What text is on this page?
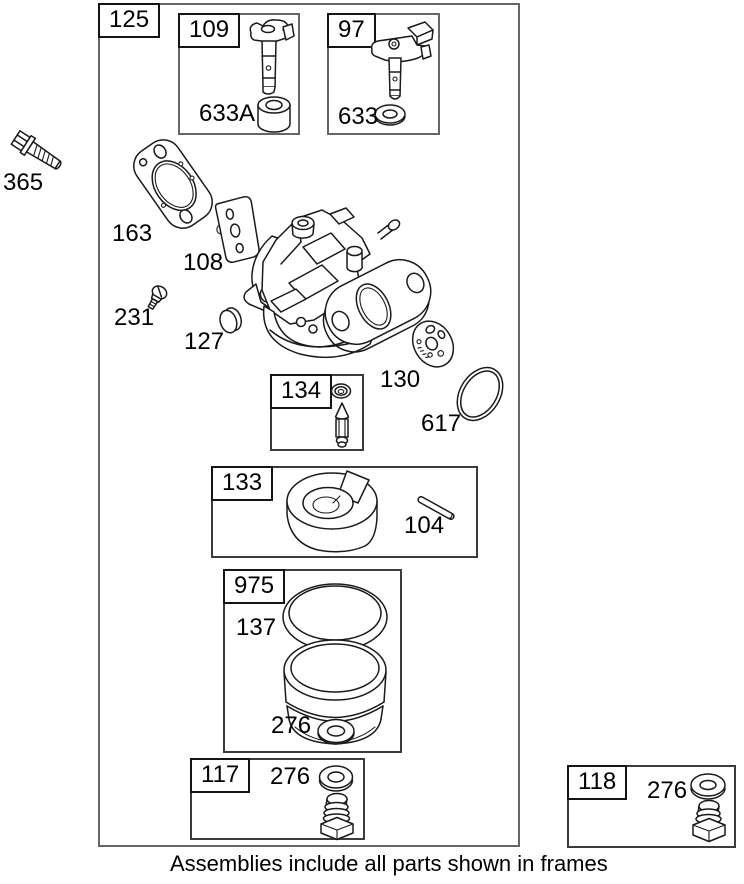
125	109	97
134
133
975
117	118
365
633A	633
163
108
231
127
130
617
104
137
276
276
276
Assemblies include all parts shown in frames
